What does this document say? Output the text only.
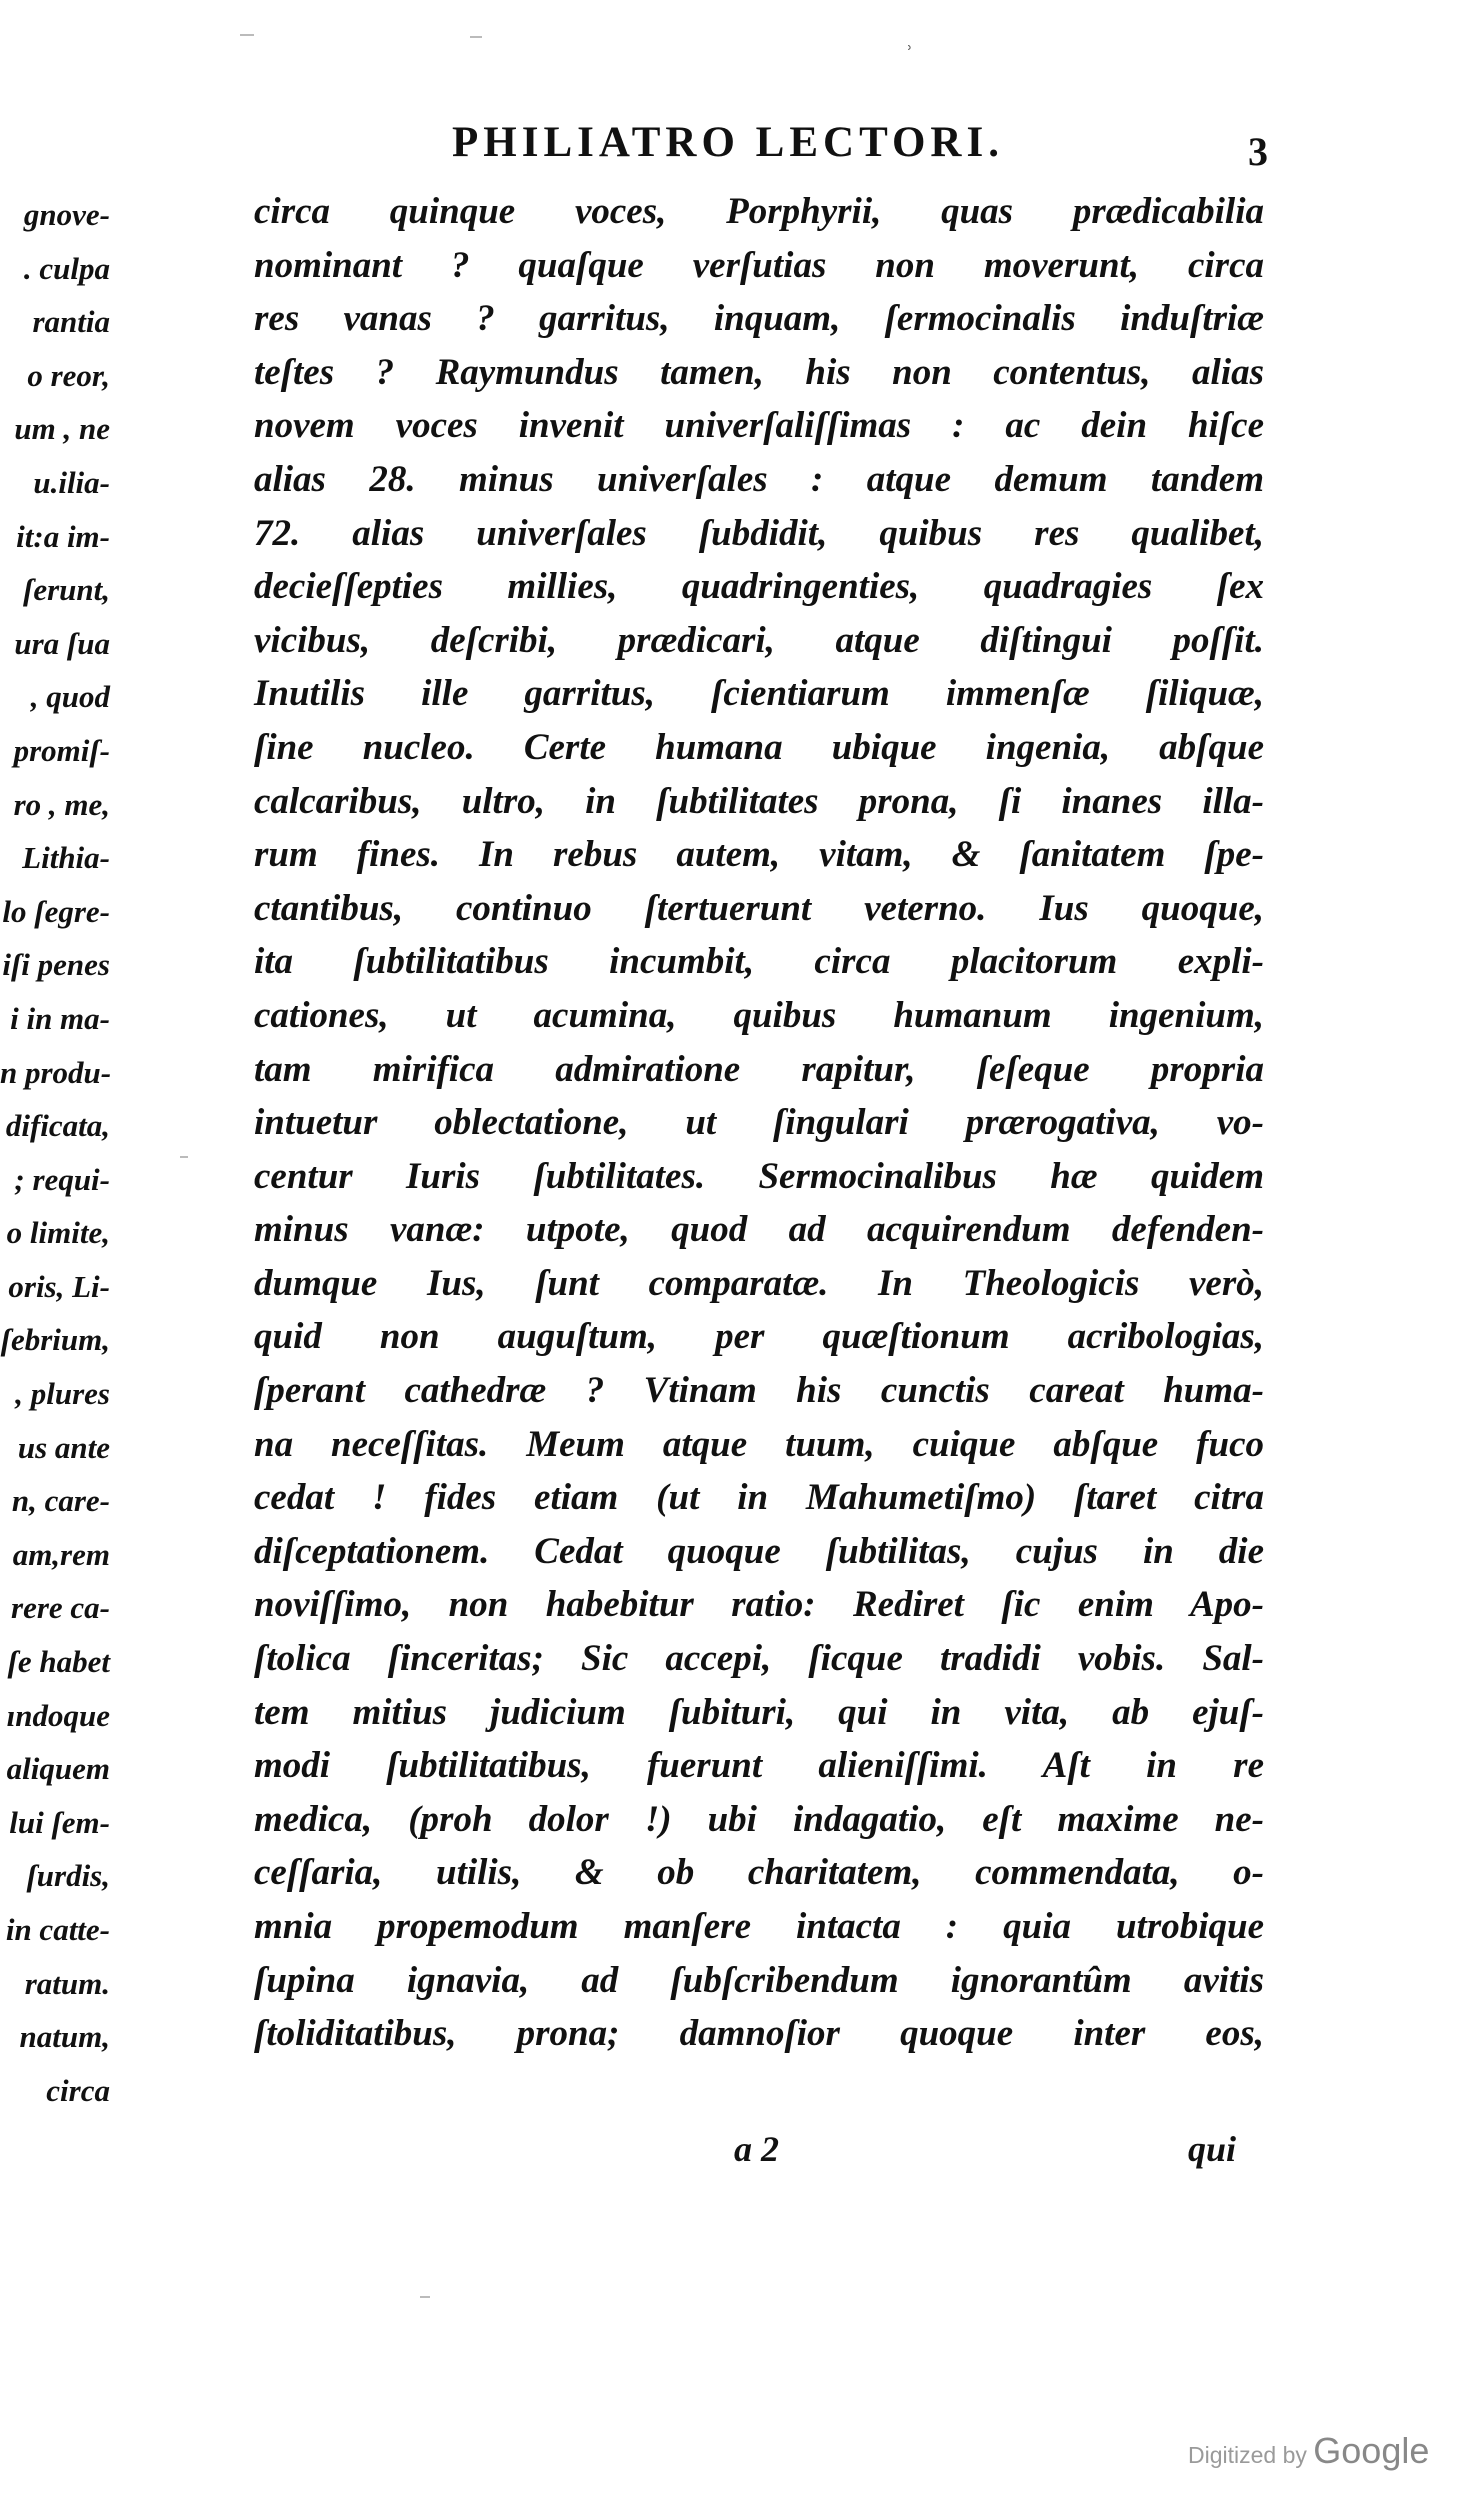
˒
PHILIATRO LECTORI.	3
gnove-
. culpa
rantia
o reor,
um , ne
u.ilia-
it:a im-
ſerunt,
ura ſua
, quod
promiſ-
ro , me,
Lithia-
lo ſegre-
iſi penes
i in ma-
n produ-
dificata,
; requi-
o limite,
oris, Li-
ſebrium,
, plures
us ante
n, care-
am,rem
rere ca-
ſe habet
ındoque
aliquem
lui ſem-
ſurdis,
in catte-
ratum.
natum,
circa
circa quinque voces, Porphyrii, quas prædicabilia
nominant ? quaſque verſutias non moverunt, circa
res vanas ? garritus, inquam, ſermocinalis induſtriæ
teſtes ? Raymundus tamen, his non contentus, alias
novem voces invenit univerſaliſſimas : ac dein hiſce
alias 28. minus univerſales : atque demum tandem
72. alias univerſales ſubdidit, quibus res qualibet,
decieſſepties millies, quadringenties, quadragies ſex
vicibus, deſcribi, prædicari, atque diſtingui poſſit.
Inutilis ille garritus, ſcientiarum immenſæ ſiliquæ,
ſine nucleo. Certe humana ubique ingenia, abſque
calcaribus, ultro, in ſubtilitates prona, ſi inanes illa-
rum fines. In rebus autem, vitam, & ſanitatem ſpe-
ctantibus, continuo ſtertuerunt veterno. Ius quoque,
ita ſubtilitatibus incumbit, circa placitorum expli-
cationes, ut acumina, quibus humanum ingenium,
tam mirifica admiratione rapitur, ſeſeque propria
intuetur oblectatione, ut ſingulari prærogativa, vo-
centur Iuris ſubtilitates. Sermocinalibus hæ quidem
minus vanæ: utpote, quod ad acquirendum defenden-
dumque Ius, ſunt comparatæ. In Theologicis verò,
quid non auguſtum, per quæſtionum acribologias,
ſperant cathedræ ? Vtinam his cunctis careat huma-
na neceſſitas. Meum atque tuum, cuique abſque fuco
cedat ! fides etiam (ut in Mahumetiſmo) ſtaret citra
diſceptationem. Cedat quoque ſubtilitas, cujus in die
noviſſimo, non habebitur ratio: Rediret ſic enim Apo-
ſtolica ſinceritas; Sic accepi, ſicque tradidi vobis. Sal-
tem mitius judicium ſubituri, qui in vita, ab ejuſ-
modi ſubtilitatibus, fuerunt alieniſſimi. Aſt in re
medica, (proh dolor !) ubi indagatio, eſt maxime ne-
ceſſaria, utilis, & ob charitatem, commendata, o-
mnia propemodum manſere intacta : quia utrobique
ſupina ignavia, ad ſubſcribendum ignorantûm avitis
ſtoliditatibus, prona; damnoſior quoque inter eos,
a 2	qui
Digitized by Google
